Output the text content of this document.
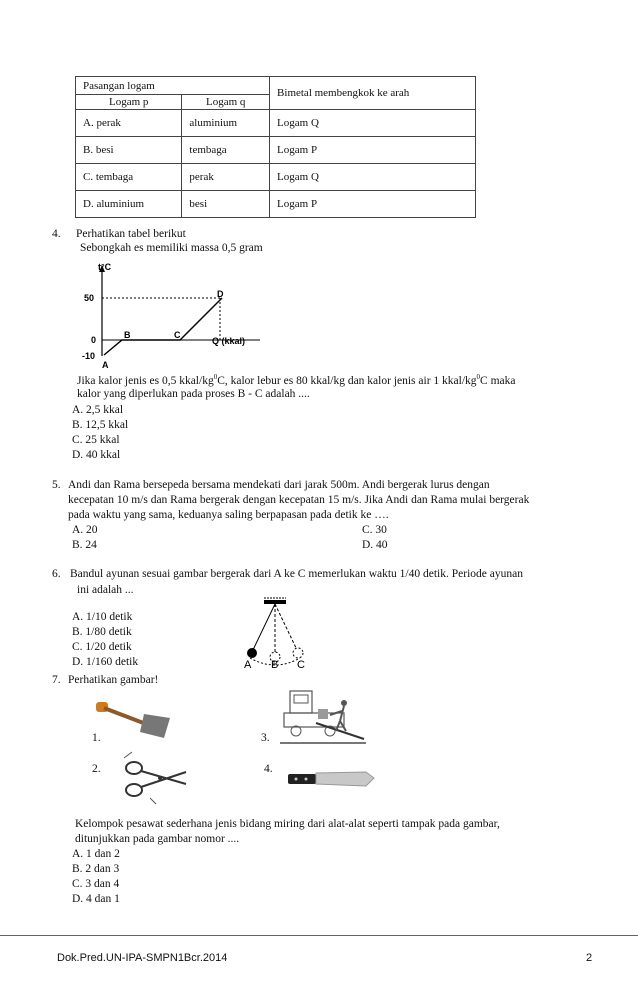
Pasangan logam		Bimetal membengkok ke arah
Logam p	Logam q	
A. perak	aluminium	Logam Q
B. besi	tembaga	Logam P
C. tembaga	perak	Logam Q
D. aluminium	besi	Logam P
4. Perhatikan tabel berikut
Sebongkah es memiliki massa 0,5 gram
t°C
50
0
-10
A
B	C
D
Q (kkal)
Jika kalor jenis es 0,5 kkal/$kg^0C$, kalor lebur es 80 kkal/kg dan kalor jenis air 1 kkal/$kg^0C$ maka
kalor yang diperlukan pada proses B - C adalah ....
A. 2,5 kkal
B. 12,5 kkal
C. 25 kkal
D. 40 kkal
5. Andi dan Rama bersepeda bersama mendekati dari jarak 500m. Andi bergerak lurus dengan
kecepatan 10 m/s dan Rama bergerak dengan kecepatan 15 m/s. Jika Andi dan Rama mulai bergerak
pada waktu yang sama, keduanya saling berpapasan pada detik ke ….
A. 20
B. 24
C. 30
D. 40
6. Bandul ayunan sesuai gambar bergerak dari A ke C memerlukan waktu 1/40 detik. Periode ayunan
ini adalah ...
A. 1/10 detik
B. 1/80 detik
C. 1/20 detik
D. 1/160 detik	A B C
7. Perhatikan gambar!
1.	3.
2.	4.
Kelompok pesawat sederhana jenis bidang miring dari alat-alat seperti tampak pada gambar,
ditunjukkan pada gambar nomor ....
A. 1 dan 2
B. 2 dan 3
C. 3 dan 4
D. 4 dan 1
Dok.Pred.UN-IPA-SMPN1Bcr.2014	2
